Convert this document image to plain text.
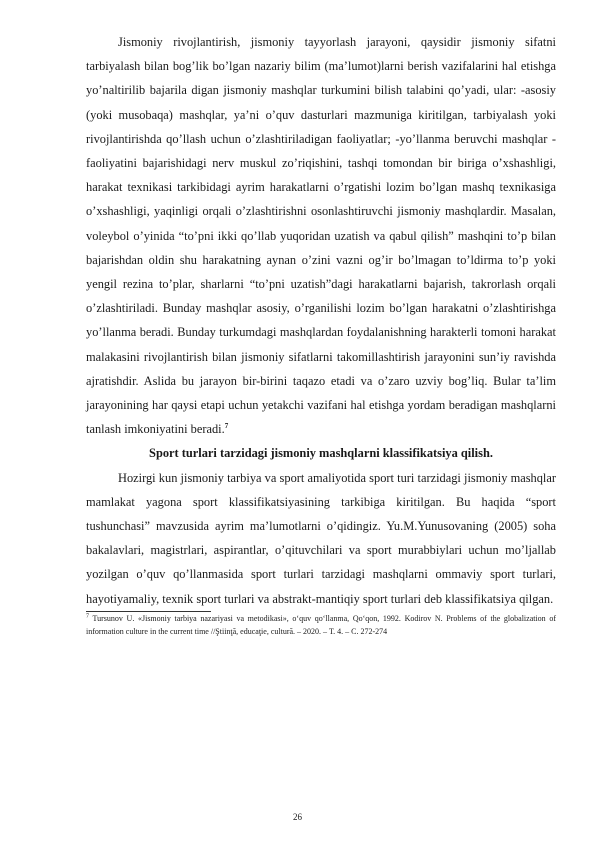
Jismoniy rivojlantirish, jismoniy tayyorlash jarayoni, qaysidir jismoniy sifatni tarbiyalash bilan bog’lik bo’lgan nazariy bilim (ma’lumot)larni berish vazifalarini hal etishga yo’naltirilib bajarila digan jismoniy mashqlar turkumini bilish talabini qo’yadi, ular: -asosiy (yoki musobaqa) mashqlar, ya’ni o’quv dasturlari mazmuniga kiritilgan, tarbiyalash yoki rivojlantirishda qo’llash uchun o’zlashtiriladigan faoliyatlar; -yo’llanma beruvchi mashqlar - faoliyatini bajarishidagi nerv muskul zo’riqishini, tashqi tomondan bir biriga o’xshashligi, harakat texnikasi tarkibidagi ayrim harakatlarni o’rgatishi lozim bo’lgan mashq texnikasiga o’xshashligi, yaqinligi orqali o’zlashtirishni osonlashtiruvchi jismoniy mashqlardir. Masalan, voleybol o’yinida “to’pni ikki qo’llab yuqoridan uzatish va qabul qilish” mashqini to’p bilan bajarishdan oldin shu harakatning aynan o’zini vazni og’ir bo’lmagan to’ldirma to’p yoki yengil rezina to’plar, sharlarni “to’pni uzatish”dagi harakatlarni bajarish, takrorlash orqali o’zlashtiriladi. Bunday mashqlar asosiy, o’rganilishi lozim bo’lgan harakatni o’zlashtirishga yo’llanma beradi. Bunday turkumdagi mashqlardan foydalanishning harakterli tomoni harakat malakasini rivojlantirish bilan jismoniy sifatlarni takomillashtirish jarayonini sun’iy ravishda ajratishdir. Aslida bu jarayon bir-birini taqazo etadi va o’zaro uzviy bog’liq. Bular ta’lim jarayonining har qaysi etapi uchun yetakchi vazifani hal etishga yordam beradigan mashqlarni tanlash imkoniyatini beradi.$^7$

Sport turlari tarzidagi jismoniy mashqlarni klassifikatsiya qilish.

Hozirgi kun jismoniy tarbiya va sport amaliyotida sport turi tarzidagi jismoniy mashqlar mamlakat yagona sport klassifikatsiyasining tarkibiga kiritilgan. Bu haqida “sport tushunchasi” mavzusida ayrim ma’lumotlarni o’qidingiz. Yu.M.Yunusovaning (2005) soha bakalavlari, magistrlari, aspirantlar, o’qituvchilari va sport murabbiylari uchun mo’ljallab yozilgan o’quv qo’llanmasida sport turlari tarzidagi mashqlarni ommaviy sport turlari, hayotiyamaliy, texnik sport turlari va abstrakt-mantiqiy sport turlari deb klassifikatsiya qilgan.

$^7$ Tursunov U. «Jismoniy tarbiya nazariyasi va metodikasi», o‘quv qo‘llanma, Qo‘qon, 1992. Kodirov N. Problems of the globalization of information culture in the current time //Ştiinţă, educaţie, cultură. – 2020. – Т. 4. – С. 272-274

26
